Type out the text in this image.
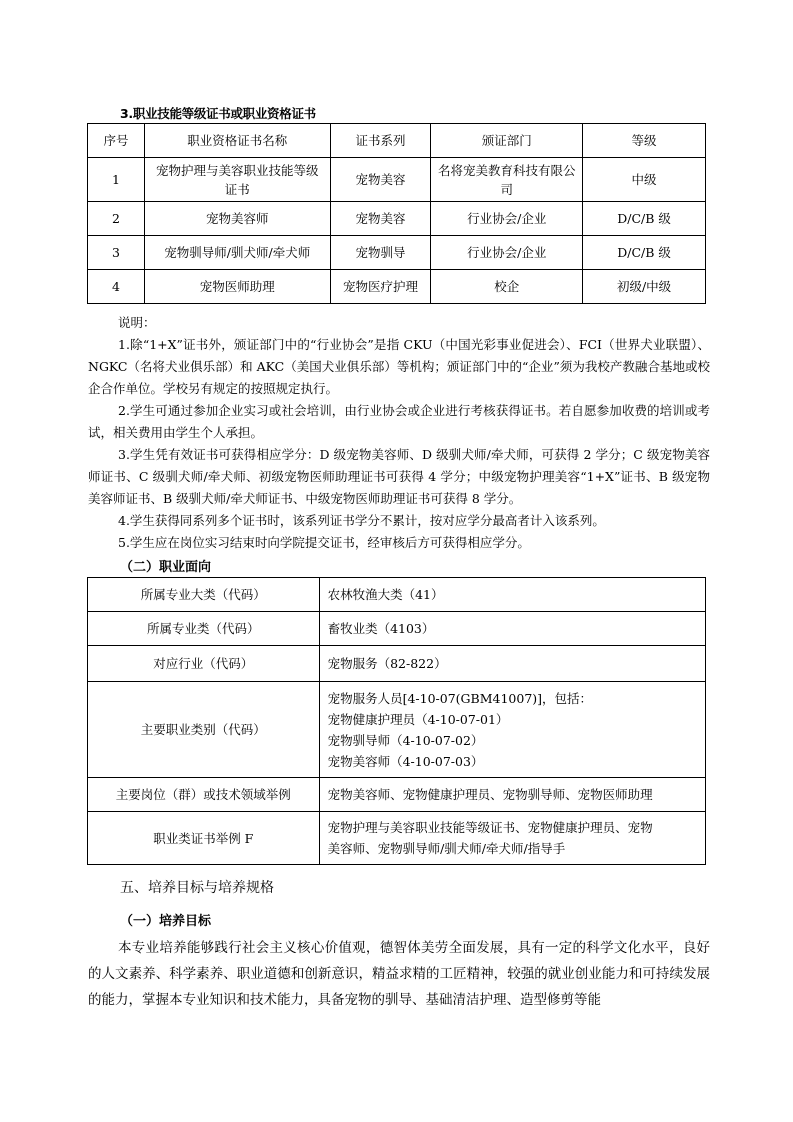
3.职业技能等级证书或职业资格证书
序号	职业资格证书名称	证书系列	颁证部门	等级
1	宠物护理与美容职业技能等级证书	宠物美容	名将宠美教育科技有限公司	中级
2	宠物美容师	宠物美容	行业协会/企业	D/C/B 级
3	宠物驯导师/驯犬师/牵犬师	宠物驯导	行业协会/企业	D/C/B 级
4	宠物医师助理	宠物医疗护理	校企	初级/中级
说明：
1.除“1+X”证书外，颁证部门中的“行业协会”是指 CKU（中国光彩事业促进会）、FCI（世界犬业联盟）、NGKC（名将犬业俱乐部）和 AKC（美国犬业俱乐部）等机构；颁证部门中的“企业”须为我校产教融合基地或校企合作单位。学校另有规定的按照规定执行。
2.学生可通过参加企业实习或社会培训，由行业协会或企业进行考核获得证书。若自愿参加收费的培训或考试，相关费用由学生个人承担。
3.学生凭有效证书可获得相应学分：D 级宠物美容师、D 级驯犬师/牵犬师，可获得 2 学分；C 级宠物美容师证书、C 级驯犬师/牵犬师、初级宠物医师助理证书可获得 4 学分；中级宠物护理美容“1+X”证书、B 级宠物美容师证书、B 级驯犬师/牵犬师证书、中级宠物医师助理证书可获得 8 学分。
4.学生获得同系列多个证书时，该系列证书学分不累计，按对应学分最高者计入该系列。
5.学生应在岗位实习结束时向学院提交证书，经审核后方可获得相应学分。
（二）职业面向
所属专业大类（代码）	农林牧渔大类（41）
所属专业类（代码）	畜牧业类（4103）
对应行业（代码）	宠物服务（82-822）
主要职业类别（代码）	宠物服务人员[4-10-07(GBM41007)]，包括：
宠物健康护理员（4-10-07-01）
宠物驯导师（4-10-07-02）
宠物美容师（4-10-07-03）

主要岗位（群）或技术领域举例	宠物美容师、宠物健康护理员、宠物驯导师、宠物医师助理
职业类证书举例 F	宠物护理与美容职业技能等级证书、宠物健康护理员、宠物
美容师、宠物驯导师/驯犬师/牵犬师/指导手
五、培养目标与培养规格
（一）培养目标
本专业培养能够践行社会主义核心价值观，德智体美劳全面发展，具有一定的科学文化水平，良好的人文素养、科学素养、职业道德和创新意识，精益求精的工匠精神，较强的就业创业能力和可持续发展的能力，掌握本专业知识和技术能力，具备宠物的驯导、基础清洁护理、造型修剪等能
